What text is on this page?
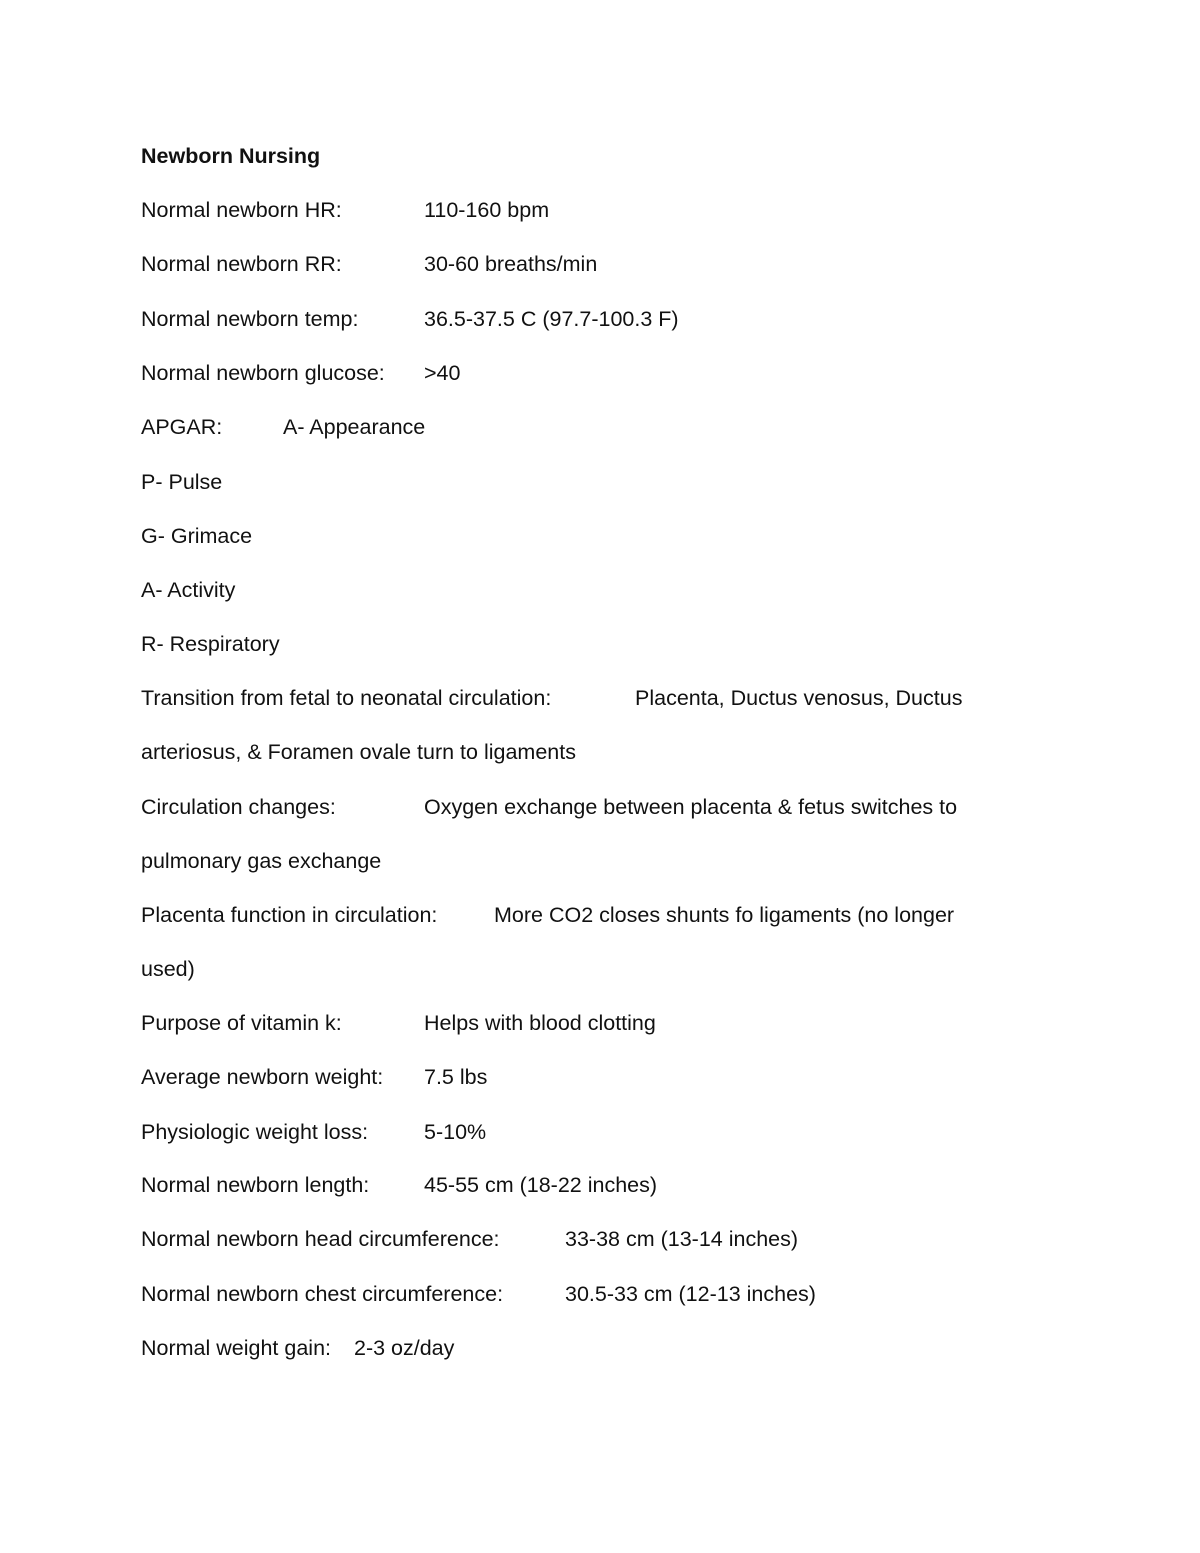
Newborn Nursing

Normal newborn HR:	110-160 bpm

Normal newborn RR:	30-60 breaths/min

Normal newborn temp:	36.5-37.5 C (97.7-100.3 F)

Normal newborn glucose: >40

APGAR:	A- Appearance

P- Pulse

G- Grimace

A- Activity

R- Respiratory

Transition from fetal to neonatal circulation:	Placenta, Ductus venosus, Ductus

arteriosus, & Foramen ovale turn to ligaments

Circulation changes:	Oxygen exchange between placenta & fetus switches to

pulmonary gas exchange

Placenta function in circulation:	More CO2 closes shunts fo ligaments (no longer

used)

Purpose of vitamin k:	Helps with blood clotting

Average newborn weight: 7.5 lbs

Physiologic weight loss:	5-10%

Normal newborn length:	45-55 cm (18-22 inches)

Normal newborn head circumference:	33-38 cm (13-14 inches)

Normal newborn chest circumference:	30.5-33 cm (12-13 inches)

Normal weight gain: 2-3 oz/day
